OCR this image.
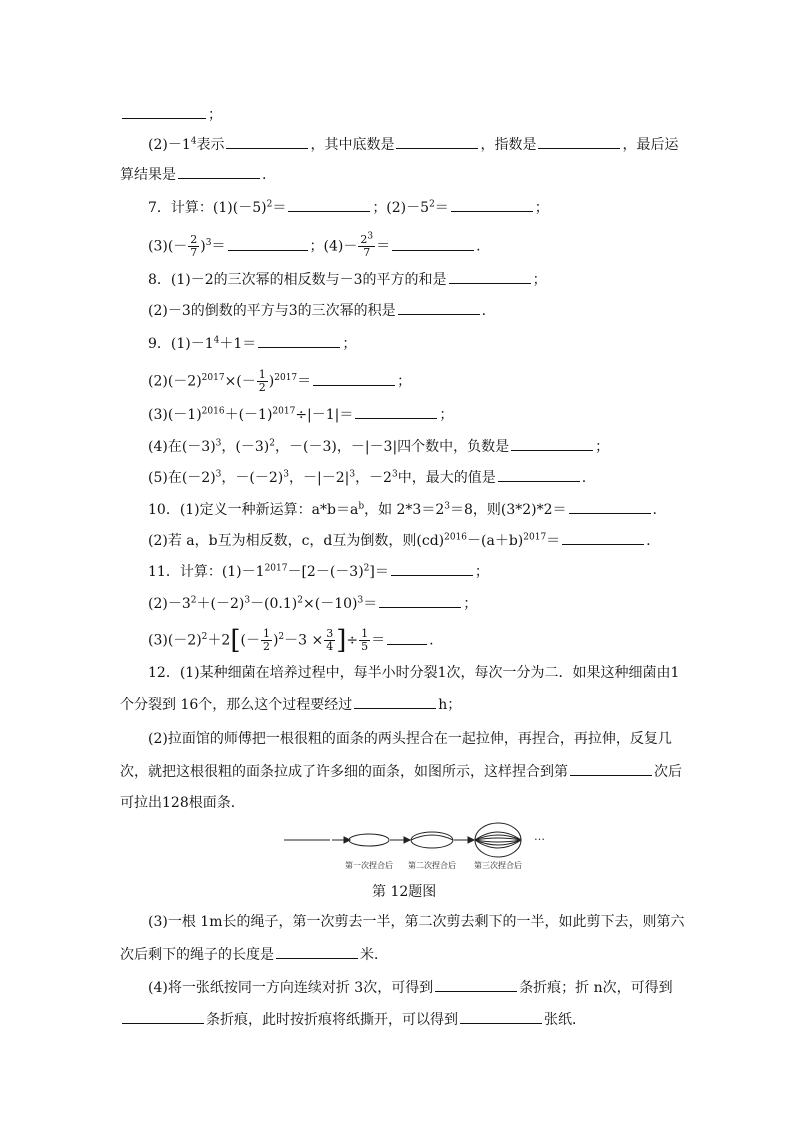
；
$(2)-1^4$表示	，其中底数是	，指数是	，最后运
算结果是	.
7．计算：$(1)(-5)^2=$	；$(2)-5^2=$	；
$(3)(- \frac{2}{7} )^3=$	；$(4)- \frac{2^3}{7}$ ＝	.
8．(1)－2的三次幂的相反数与－3的平方的和是	；
(2)－3的倒数的平方与3的三次幂的积是	.
9．$(1)-1^4+1=$	；
$(2)(-2)^{2017}\times(- \frac{1}{2} )^{2017}=$	；
$(3)(-1)^{2016}+(-1)^{2017}\div|-1|=$	；
(4)在$(-3)^3$，$(-3)^2$，－(－3)，－|－3|四个数中，负数是	；
(5)在$(-2)^3$，$-(-2)^3$，$-|-2|^3$，$-2^3$中，最大的值是	.
10．(1)定义一种新运算：$a*b=a^b$，如 $2*3=2^3=8$，则(3*2)*2＝	.
(2)若 a，b互为相反数，c，d互为倒数，则$(cd)^{2016}-(a+b)^{2017}=$	.
11．计算：$(1)-1^{2017}-[2-(-3)^2]=$	；
$(2)-3^2+(-2)^3-(0.1)^2\times(-10)^3=$	；
$(3)(-2)^2+2[(- \frac{1}{2} )^2-3 \times \frac{3}{4}$ ]÷ $\frac{1}{5}$ ＝	.
12．(1)某种细菌在培养过程中，每半小时分裂1次，每次一分为二．如果这种细菌由1
个分裂到 16个，那么这个过程要经过	h；
(2)拉面馆的师傅把一根很粗的面条的两头捏合在一起拉伸，再捏合，再拉伸，反复几
次，就把这根很粗的面条拉成了许多细的面条，如图所示，这样捏合到第	次后
可拉出128根面条．
…
第一次捏合后 第二次捏合后 第三次捏合后
第 12题图
(3)一根 1m长的绳子，第一次剪去一半，第二次剪去剩下的一半，如此剪下去，则第六
次后剩下的绳子的长度是	米．
(4)将一张纸按同一方向连续对折 3次，可得到	条折痕；折 n次，可得到
条折痕，此时按折痕将纸撕开，可以得到	张纸．
